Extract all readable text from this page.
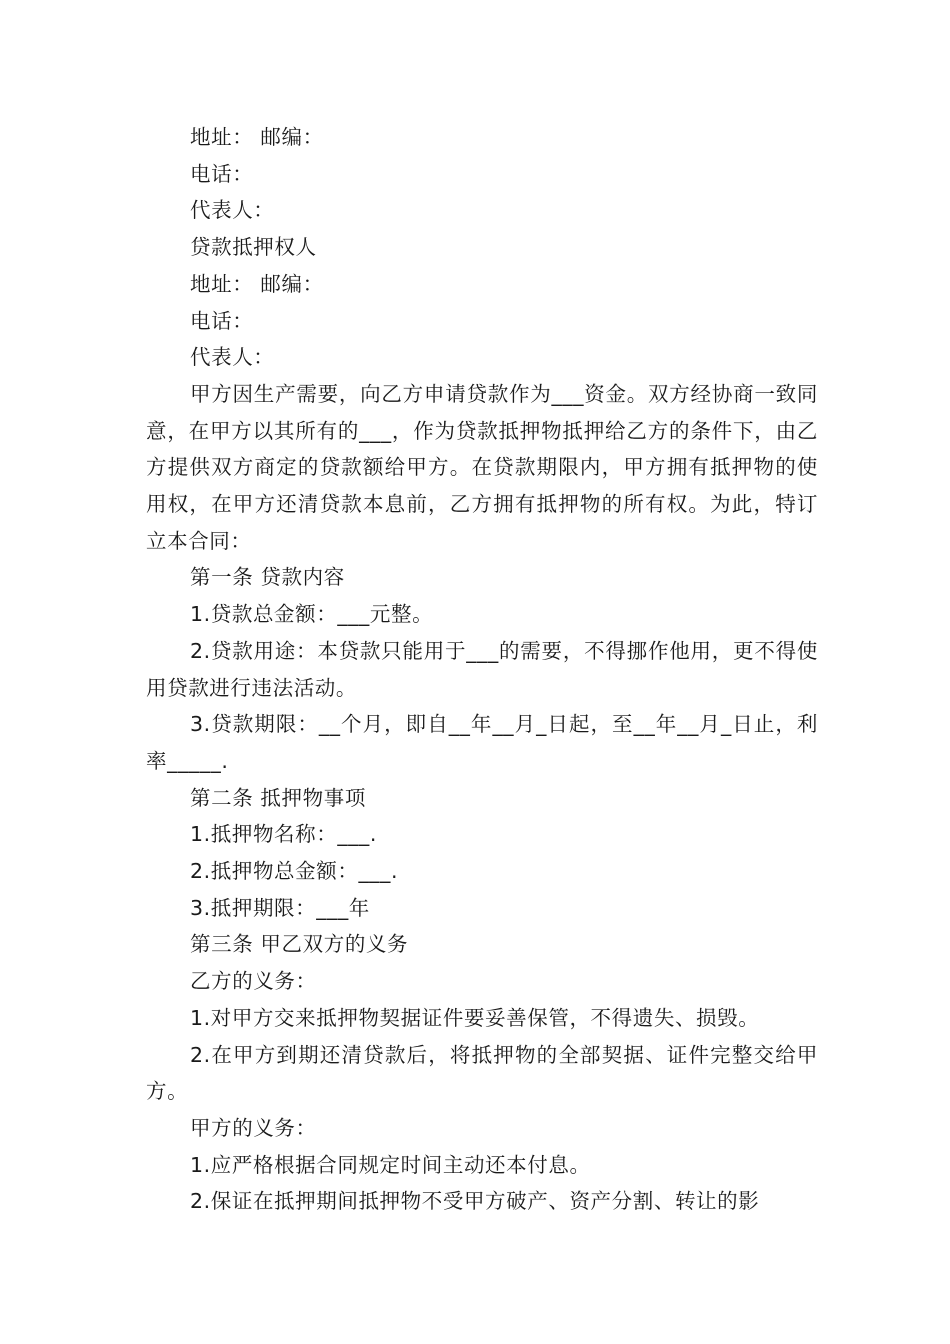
地址： 邮编：

电话：

代表人：

贷款抵押权人

地址： 邮编：

电话：

代表人：

甲方因生产需要，向乙方申请贷款作为___资金。双方经协商一致同意，在甲方以其所有的___，作为贷款抵押物抵押给乙方的条件下，由乙方提供双方商定的贷款额给甲方。在贷款期限内，甲方拥有抵押物的使用权，在甲方还清贷款本息前，乙方拥有抵押物的所有权。为此，特订立本合同：

第一条 贷款内容

1.贷款总金额：___元整。

2.贷款用途：本贷款只能用于___的需要，不得挪作他用，更不得使用贷款进行违法活动。

3.贷款期限：__个月，即自__年__月_日起，至__年__月_日止，利率_____.

第二条 抵押物事项

1.抵押物名称：___.

2.抵押物总金额：___.

3.抵押期限：___年

第三条 甲乙双方的义务

乙方的义务：

1.对甲方交来抵押物契据证件要妥善保管，不得遗失、损毁。

2.在甲方到期还清贷款后，将抵押物的全部契据、证件完整交给甲方。

甲方的义务：

1.应严格根据合同规定时间主动还本付息。

2.保证在抵押期间抵押物不受甲方破产、资产分割、转让的影
